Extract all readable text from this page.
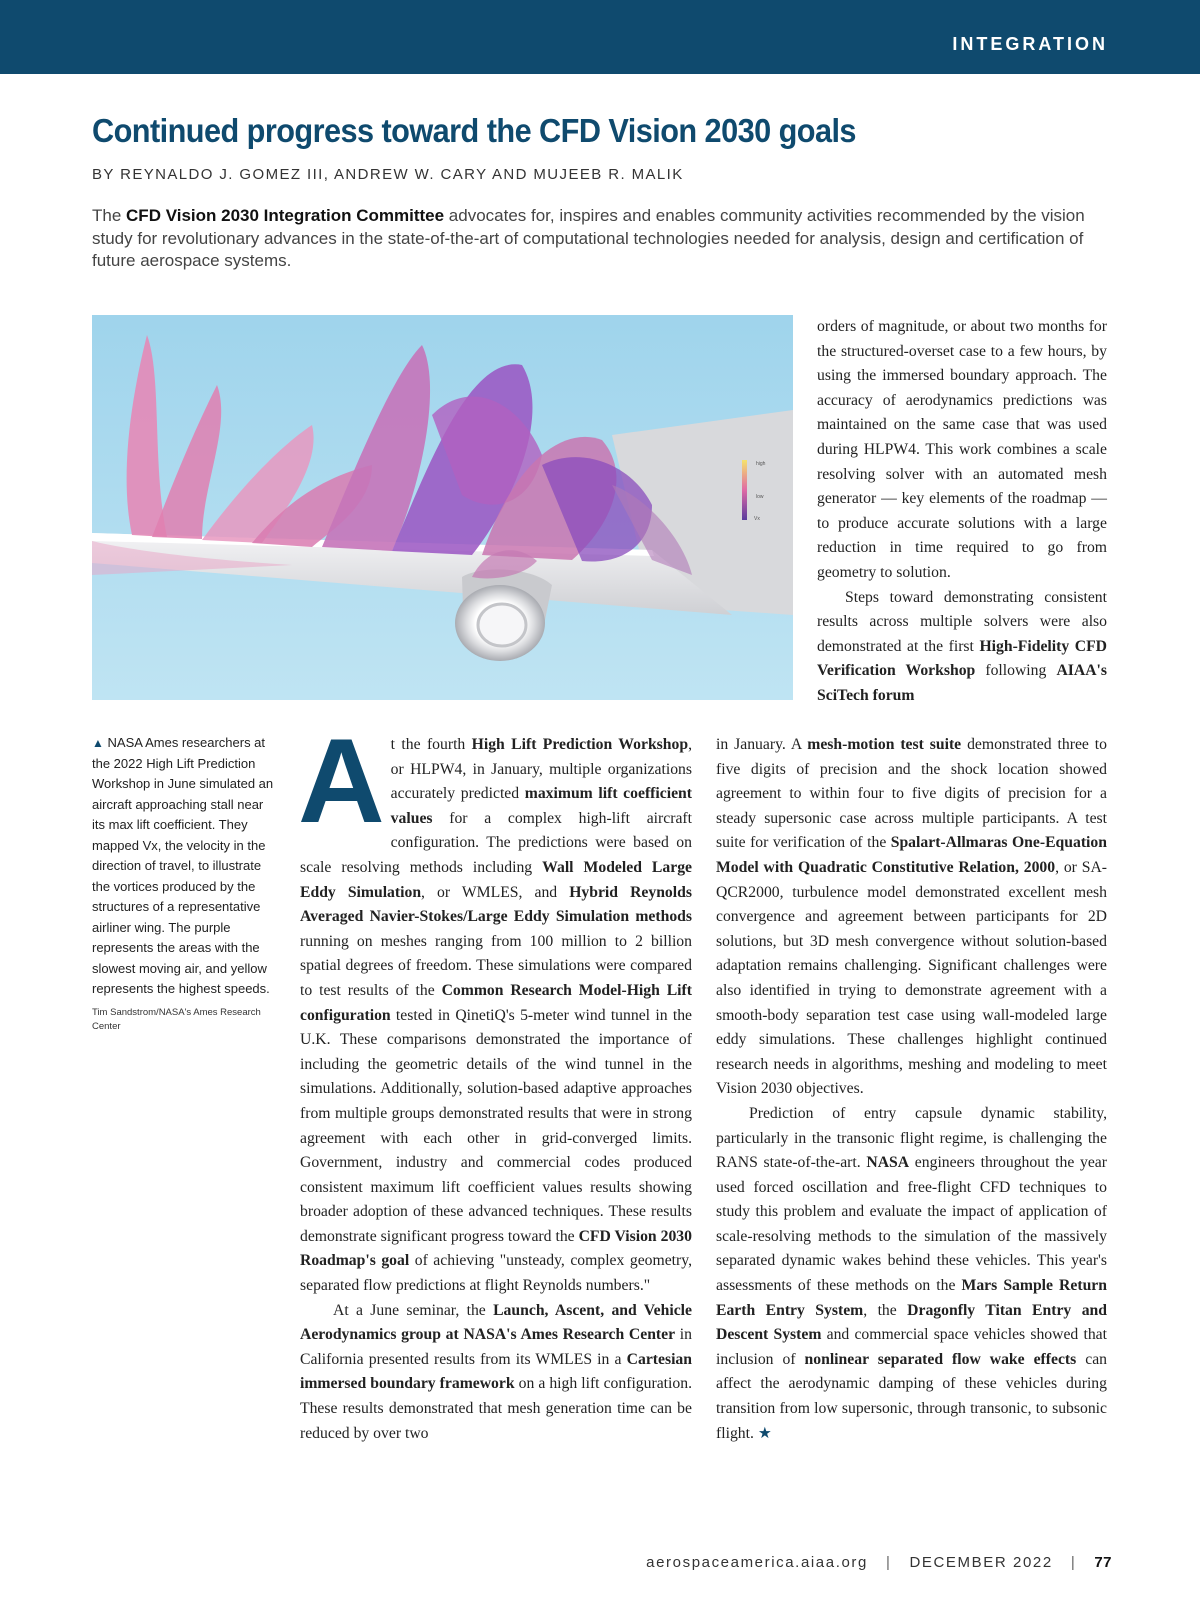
INTEGRATION
Continued progress toward the CFD Vision 2030 goals
BY REYNALDO J. GOMEZ III, ANDREW W. CARY AND MUJEEB R. MALIK
The CFD Vision 2030 Integration Committee advocates for, inspires and enables community activities recommended by the vision study for revolutionary advances in the state-of-the-art of computational technologies needed for analysis, design and certification of future aerospace systems.
high
low
Vx
▲ NASA Ames researchers at the 2022 High Lift Prediction Workshop in June simulated an aircraft approaching stall near its max lift coefficient. They mapped Vx, the velocity in the direction of travel, to illustrate the vortices produced by the structures of a representative airliner wing. The purple represents the areas with the slowest moving air, and yellow represents the highest speeds.
Tim Sandstrom/NASA's Ames Research Center

orders of magnitude, or about two months for the structured-overset case to a few hours, by using the immersed boundary approach. The accuracy of aerodynamics predictions was maintained on the same case that was used during HLPW4. This work combines a scale resolving solver with an automated mesh generator — key elements of the roadmap — to produce accurate solutions with a large reduction in time required to go from geometry to solution.

Steps toward demonstrating consistent results across multiple solvers were also demonstrated at the first High-Fidelity CFD Verification Workshop following AIAA's SciTech forum

At the fourth High Lift Prediction Workshop, or HLPW4, in January, multiple organizations accurately predicted maximum lift coefficient values for a complex high-lift aircraft configuration. The predictions were based on scale resolving methods including Wall Modeled Large Eddy Simulation, or WMLES, and Hybrid Reynolds Averaged Navier-Stokes/Large Eddy Simulation methods running on meshes ranging from 100 million to 2 billion spatial degrees of freedom. These simulations were compared to test results of the Common Research Model-High Lift configuration tested in QinetiQ's 5-meter wind tunnel in the U.K. These comparisons demonstrated the importance of including the geometric details of the wind tunnel in the simulations. Additionally, solution-based adaptive approaches from multiple groups demonstrated results that were in strong agreement with each other in grid-converged limits. Government, industry and commercial codes produced consistent maximum lift coefficient values results showing broader adoption of these advanced techniques. These results demonstrate significant progress toward the CFD Vision 2030 Roadmap's goal of achieving "unsteady, complex geometry, separated flow predictions at flight Reynolds numbers."

At a June seminar, the Launch, Ascent, and Vehicle Aerodynamics group at NASA's Ames Research Center in California presented results from its WMLES in a Cartesian immersed boundary framework on a high lift configuration. These results demonstrated that mesh generation time can be reduced by over two

in January. A mesh-motion test suite demonstrated three to five digits of precision and the shock location showed agreement to within four to five digits of precision for a steady supersonic case across multiple participants. A test suite for verification of the Spalart-Allmaras One-Equation Model with Quadratic Constitutive Relation, 2000, or SA-QCR2000, turbulence model demonstrated excellent mesh convergence and agreement between participants for 2D solutions, but 3D mesh convergence without solution-based adaptation remains challenging. Significant challenges were also identified in trying to demonstrate agreement with a smooth-body separation test case using wall-modeled large eddy simulations. These challenges highlight continued research needs in algorithms, meshing and modeling to meet Vision 2030 objectives.

Prediction of entry capsule dynamic stability, particularly in the transonic flight regime, is challenging the RANS state-of-the-art. NASA engineers throughout the year used forced oscillation and free-flight CFD techniques to study this problem and evaluate the impact of application of scale-resolving methods to the simulation of the massively separated dynamic wakes behind these vehicles. This year's assessments of these methods on the Mars Sample Return Earth Entry System, the Dragonfly Titan Entry and Descent System and commercial space vehicles showed that inclusion of nonlinear separated flow wake effects can affect the aerodynamic damping of these vehicles during transition from low supersonic, through transonic, to subsonic flight. ★

aerospaceamerica.aiaa.org | DECEMBER 2022 | 77
